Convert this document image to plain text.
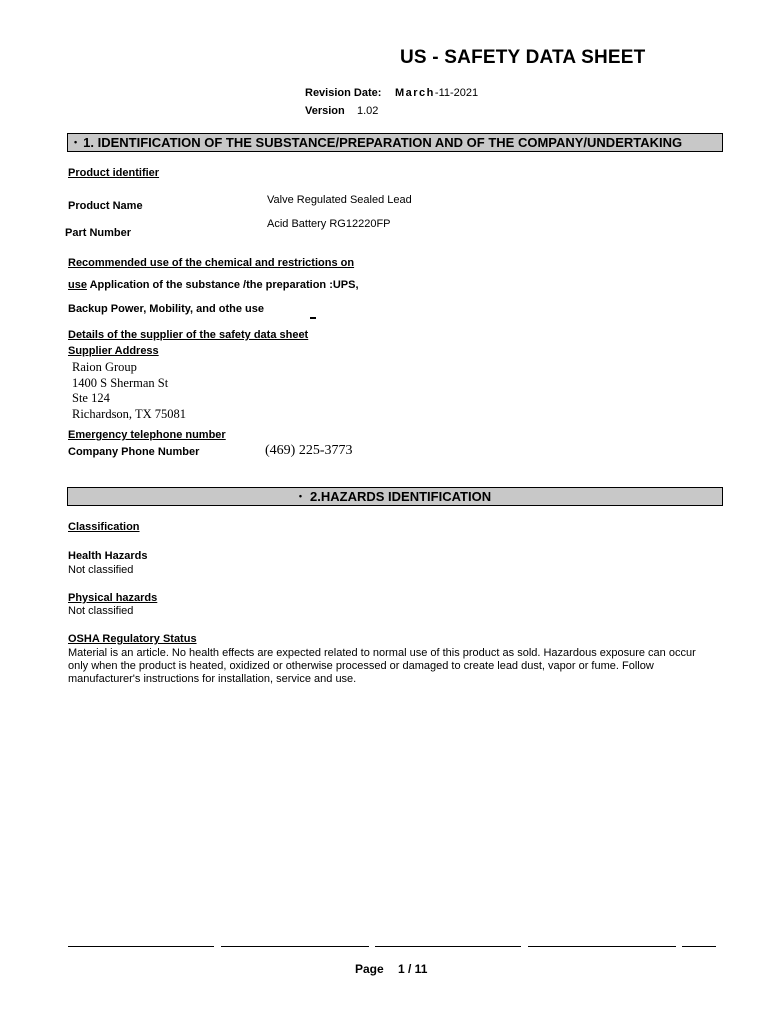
US - SAFETY DATA SHEET
Revision Date: March-11-2021
Version 1.02
• 1. IDENTIFICATION OF THE SUBSTANCE/PREPARATION AND OF THE COMPANY/UNDERTAKING
Product identifier
Product Name	Valve Regulated Sealed Lead
Acid Battery RG12220FP
Part Number
Recommended use of the chemical and restrictions on
use Application of the substance /the preparation :UPS,
Backup Power, Mobility, and othe use
Details of the supplier of the safety data sheet
Supplier Address
Raion Group
1400 S Sherman St
Ste 124
Richardson, TX 75081
Emergency telephone number
Company Phone Number	(469) 225-3773
• 2.HAZARDS IDENTIFICATION
Classification
Health Hazards
Not classified
Physical hazards
Not classified
OSHA Regulatory Status
Material is an article. No health effects are expected related to normal use of this product as sold. Hazardous exposure can occur only when the product is heated, oxidized or otherwise processed or damaged to create lead dust, vapor or fume. Follow manufacturer's instructions for installation, service and use.
Page 1 / 11
